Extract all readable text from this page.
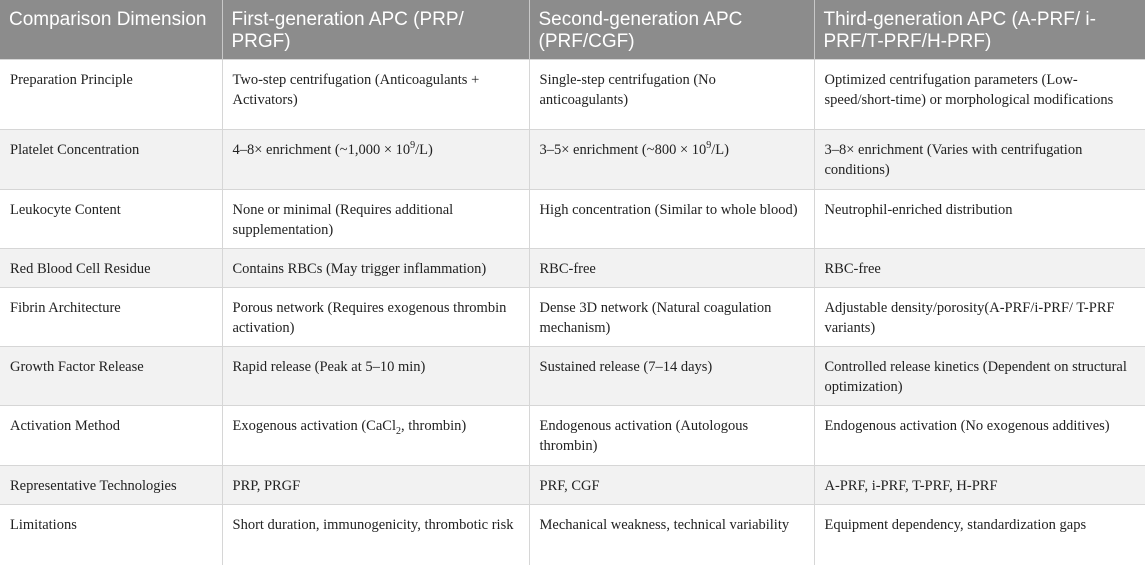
Comparison Dimension	First-generation APC (PRP/ PRGF)	Second-generation APC (PRF/CGF)	Third-generation APC (A-PRF/ i-PRF/T-PRF/H-PRF)
Preparation Principle	Two-step centrifugation (Anticoagulants + Activators)	Single-step centrifugation (No anticoagulants)	Optimized centrifugation parameters (Low-speed/short-time) or morphological modifications
Platelet Concentration	4–8× enrichment (~1,000 × $10^9/L$)	3–5× enrichment (~800 × $10^9/L$)	3–8× enrichment (Varies with centrifugation conditions)
Leukocyte Content	None or minimal (Requires additional supplementation)	High concentration (Similar to whole blood)	Neutrophil-enriched distribution
Red Blood Cell Residue	Contains RBCs (May trigger inflammation)	RBC-free	RBC-free
Fibrin Architecture	Porous network (Requires exogenous thrombin activation)	Dense 3D network (Natural coagulation mechanism)	Adjustable density/porosity(A-PRF/i-PRF/ T-PRF variants)
Growth Factor Release	Rapid release (Peak at 5–10 min)	Sustained release (7–14 days)	Controlled release kinetics (Dependent on structural optimization)
Activation Method	Exogenous activation (CaCl$_2$, thrombin)	Endogenous activation (Autologous thrombin)	Endogenous activation (No exogenous additives)
Representative Technologies	PRP, PRGF	PRF, CGF	A-PRF, i-PRF, T-PRF, H-PRF
Limitations	Short duration, immunogenicity, thrombotic risk	Mechanical weakness, technical variability	Equipment dependency, standardization gaps
